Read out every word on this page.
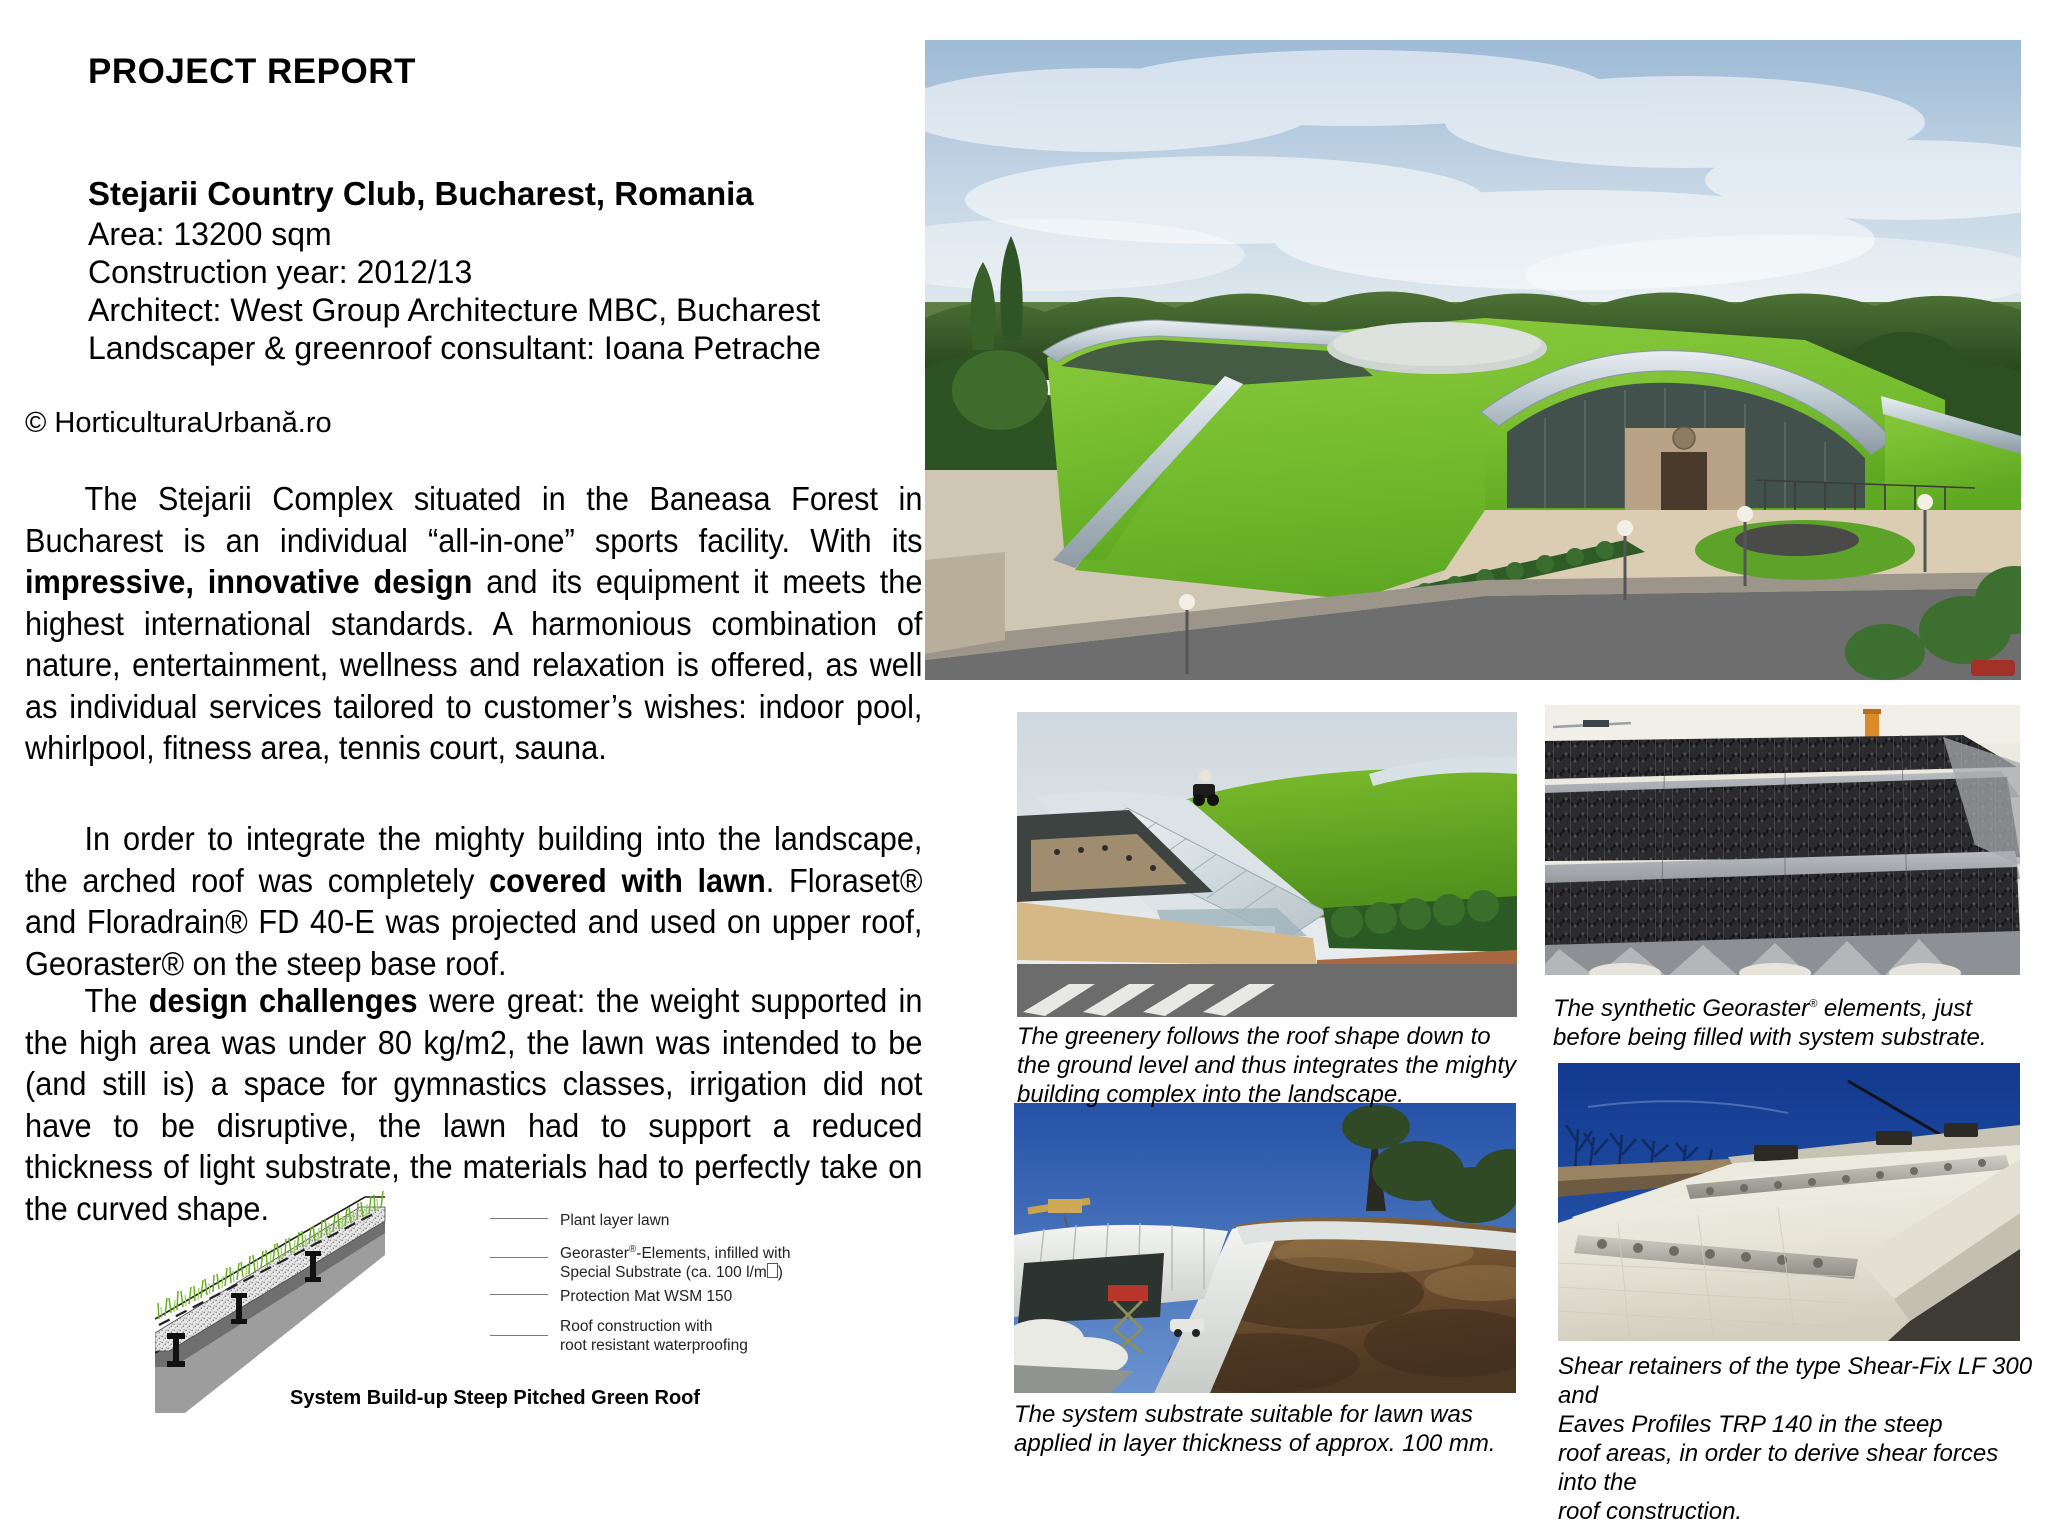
PROJECT REPORT
Stejarii Country Club, Bucharest, Romania
Area: 13200 sqm
Construction year: 2012/13
Architect: West Group Architecture MBC, Bucharest
Landscaper & greenroof consultant: Ioana Petrache
© HorticulturaUrbană.ro

The Stejarii Complex situated in the Baneasa Forest in Bucharest is an individual “all-in-one” sports facility. With its impressive, innovative design and its equipment it meets the highest international standards. A harmonious combination of nature, entertainment, wellness and relaxation is offered, as well as individual services tailored to customer’s wishes: indoor pool, whirlpool, fitness area, tennis court, sauna.

In order to integrate the mighty building into the landscape, the arched roof was completely covered with lawn. Floraset® and Floradrain® FD 40-E was projected and used on upper roof, Georaster® on the steep base roof.

The design challenges were great: the weight supported in the high area was under 80 kg/m2, the lawn was intended to be (and still is) a space for gymnastics classes, irrigation did not have to be disruptive, the lawn had to support a reduced thickness of light substrate, the materials had to perfectly take on the curved shape.	Plant layer lawn
Georaster®-Elements, infilled with
Special Substrate (ca. 100 l/m )
Protection Mat WSM 150
Roof construction with
root resistant waterproofing
System Build-up Steep Pitched Green Roof
The greenery follows the roof shape down to the ground level and thus integrates the mighty building complex into the landscape.
The synthetic Georaster® elements, just before being filled with system substrate.
The system substrate suitable for lawn was applied in layer thickness of approx. 100 mm.
Shear retainers of the type Shear-Fix LF 300 and
Eaves Profiles TRP 140 in the steep
roof areas, in order to derive shear forces into the
roof construction.
